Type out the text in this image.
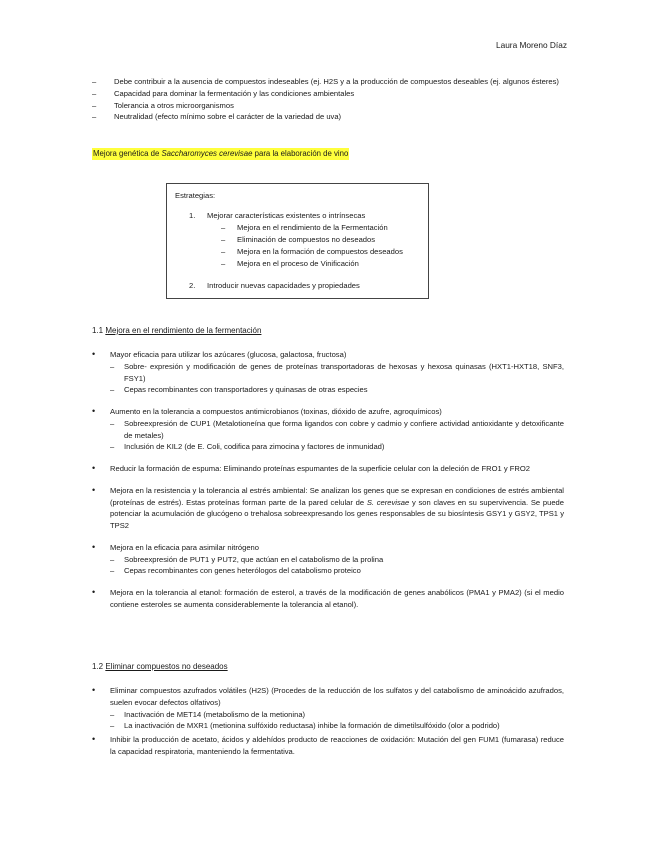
Laura Moreno Díaz
– Debe contribuir a la ausencia de compuestos indeseables (ej. H2S y a la producción de compuestos deseables (ej. algunos ésteres)
– Capacidad para dominar la fermentación y las condiciones ambientales
– Tolerancia a otros microorganismos
– Neutralidad (efecto mínimo sobre el carácter de la variedad de uva)
Mejora genética de Saccharomyces cerevisae para la elaboración de vino
Estrategias:
1. Mejorar características existentes o intrínsecas
– Mejora en el rendimiento de la Fermentación
– Eliminación de compuestos no deseados
– Mejora en la formación de compuestos deseados
– Mejora en el proceso de Vinificación
2. Introducir nuevas capacidades y propiedades
1.1 Mejora en el rendimiento de la fermentación
• Mayor eficacia para utilizar los azúcares (glucosa, galactosa, fructosa)
– Sobre- expresión y modificación de genes de proteínas transportadoras de hexosas y hexosa quinasas (HXT1-HXT18, SNF3, FSY1)
– Cepas recombinantes con transportadores y quinasas de otras especies
• Aumento en la tolerancia a compuestos antimicrobianos (toxinas, dióxido de azufre, agroquímicos)
– Sobreexpresión de CUP1 (Metalotioneína que forma ligandos con cobre y cadmio y confiere actividad antioxidante y detoxificante de metales)
– Inclusión de KIL2 (de E. Coli, codifica para zimocina y factores de inmunidad)
• Reducir la formación de espuma: Eliminando proteínas espumantes de la superficie celular con la deleción de FRO1 y FRO2
• Mejora en la resistencia y la tolerancia al estrés ambiental: Se analizan los genes que se expresan en condiciones de estrés ambiental (proteínas de estrés). Estas proteínas forman parte de la pared celular de S. cerevisae y son claves en su supervivencia. Se puede potenciar la acumulación de glucógeno o trehalosa sobreexpresando los genes responsables de su biosíntesis GSY1 y GSY2, TPS1 y TPS2
• Mejora en la eficacia para asimilar nitrógeno
– Sobreexpresión de PUT1 y PUT2, que actúan en el catabolismo de la prolina
– Cepas recombinantes con genes heterólogos del catabolismo proteico
• Mejora en la tolerancia al etanol: formación de esterol, a través de la modificación de genes anabólicos (PMA1 y PMA2) (si el medio contiene esteroles se aumenta considerablemente la tolerancia al etanol).
1.2 Eliminar compuestos no deseados
• Eliminar compuestos azufrados volátiles (H2S) (Procedes de la reducción de los sulfatos y del catabolismo de aminoácido azufrados, suelen evocar defectos olfativos)
– Inactivación de MET14 (metabolismo de la metionina)
– La inactivación de MXR1 (metionina sulfóxido reductasa) inhibe la formación de dimetilsulfóxido (olor a podrido)
• Inhibir la producción de acetato, ácidos y aldehídos producto de reacciones de oxidación: Mutación del gen FUM1 (fumarasa) reduce la capacidad respiratoria, manteniendo la fermentativa.
